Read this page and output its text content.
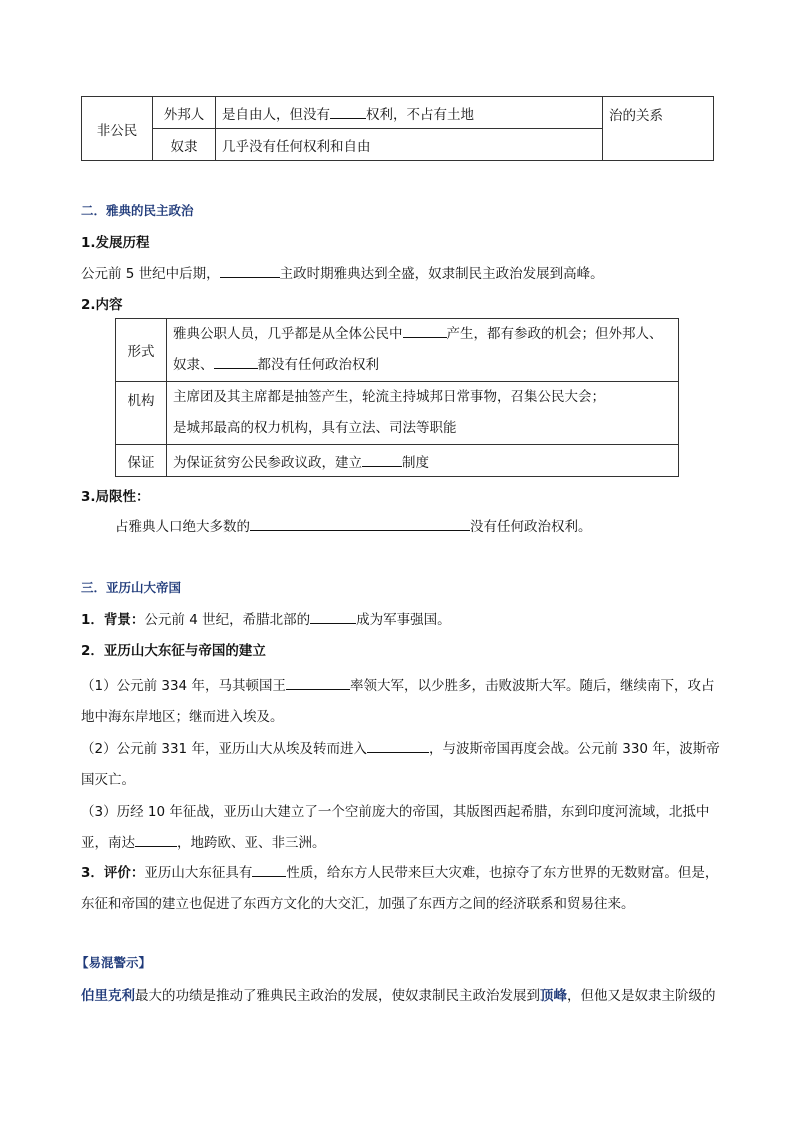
非公民	外邦人	是自由人，但没有 权利，不占有土地	治的关系
	奴隶	几乎没有任何权利和自由	
二．雅典的民主政治
1.发展历程
公元前 5 世纪中后期，	主政时期雅典达到全盛，奴隶制民主政治发展到高峰。
2.内容
形式	雅典公职人员，几乎都是从全体公民中 产生，都有参政的机会；但外邦人、
奴隶、 都没有任何政治权利

机构	主席团及其主席都是抽签产生，轮流主持城邦日常事物，召集公民大会；
是城邦最高的权力机构，具有立法、司法等职能

保证	为保证贫穷公民参政议政，建立 制度
3.局限性：
占雅典人口绝大多数的	没有任何政治权利。
三．亚历山大帝国
1．背景：公元前 4 世纪，希腊北部的	成为军事强国。
2．亚历山大东征与帝国的建立
（1）公元前 334 年，马其顿国王	率领大军，以少胜多，击败波斯大军。随后，继续南下，攻占
地中海东岸地区；继而进入埃及。
（2）公元前 331 年，亚历山大从埃及转而进入	，与波斯帝国再度会战。公元前 330 年，波斯帝
国灭亡。
（3）历经 10 年征战，亚历山大建立了一个空前庞大的帝国，其版图西起希腊，东到印度河流域，北抵中
亚，南达	，地跨欧、亚、非三洲。
3．评价：亚历山大东征具有	性质，给东方人民带来巨大灾难，也掠夺了东方世界的无数财富。但是，
东征和帝国的建立也促进了东西方文化的大交汇，加强了东西方之间的经济联系和贸易往来。
【易混警示】
伯里克利最大的功绩是推动了雅典民主政治的发展，使奴隶制民主政治发展到顶峰，但他又是奴隶主阶级的
